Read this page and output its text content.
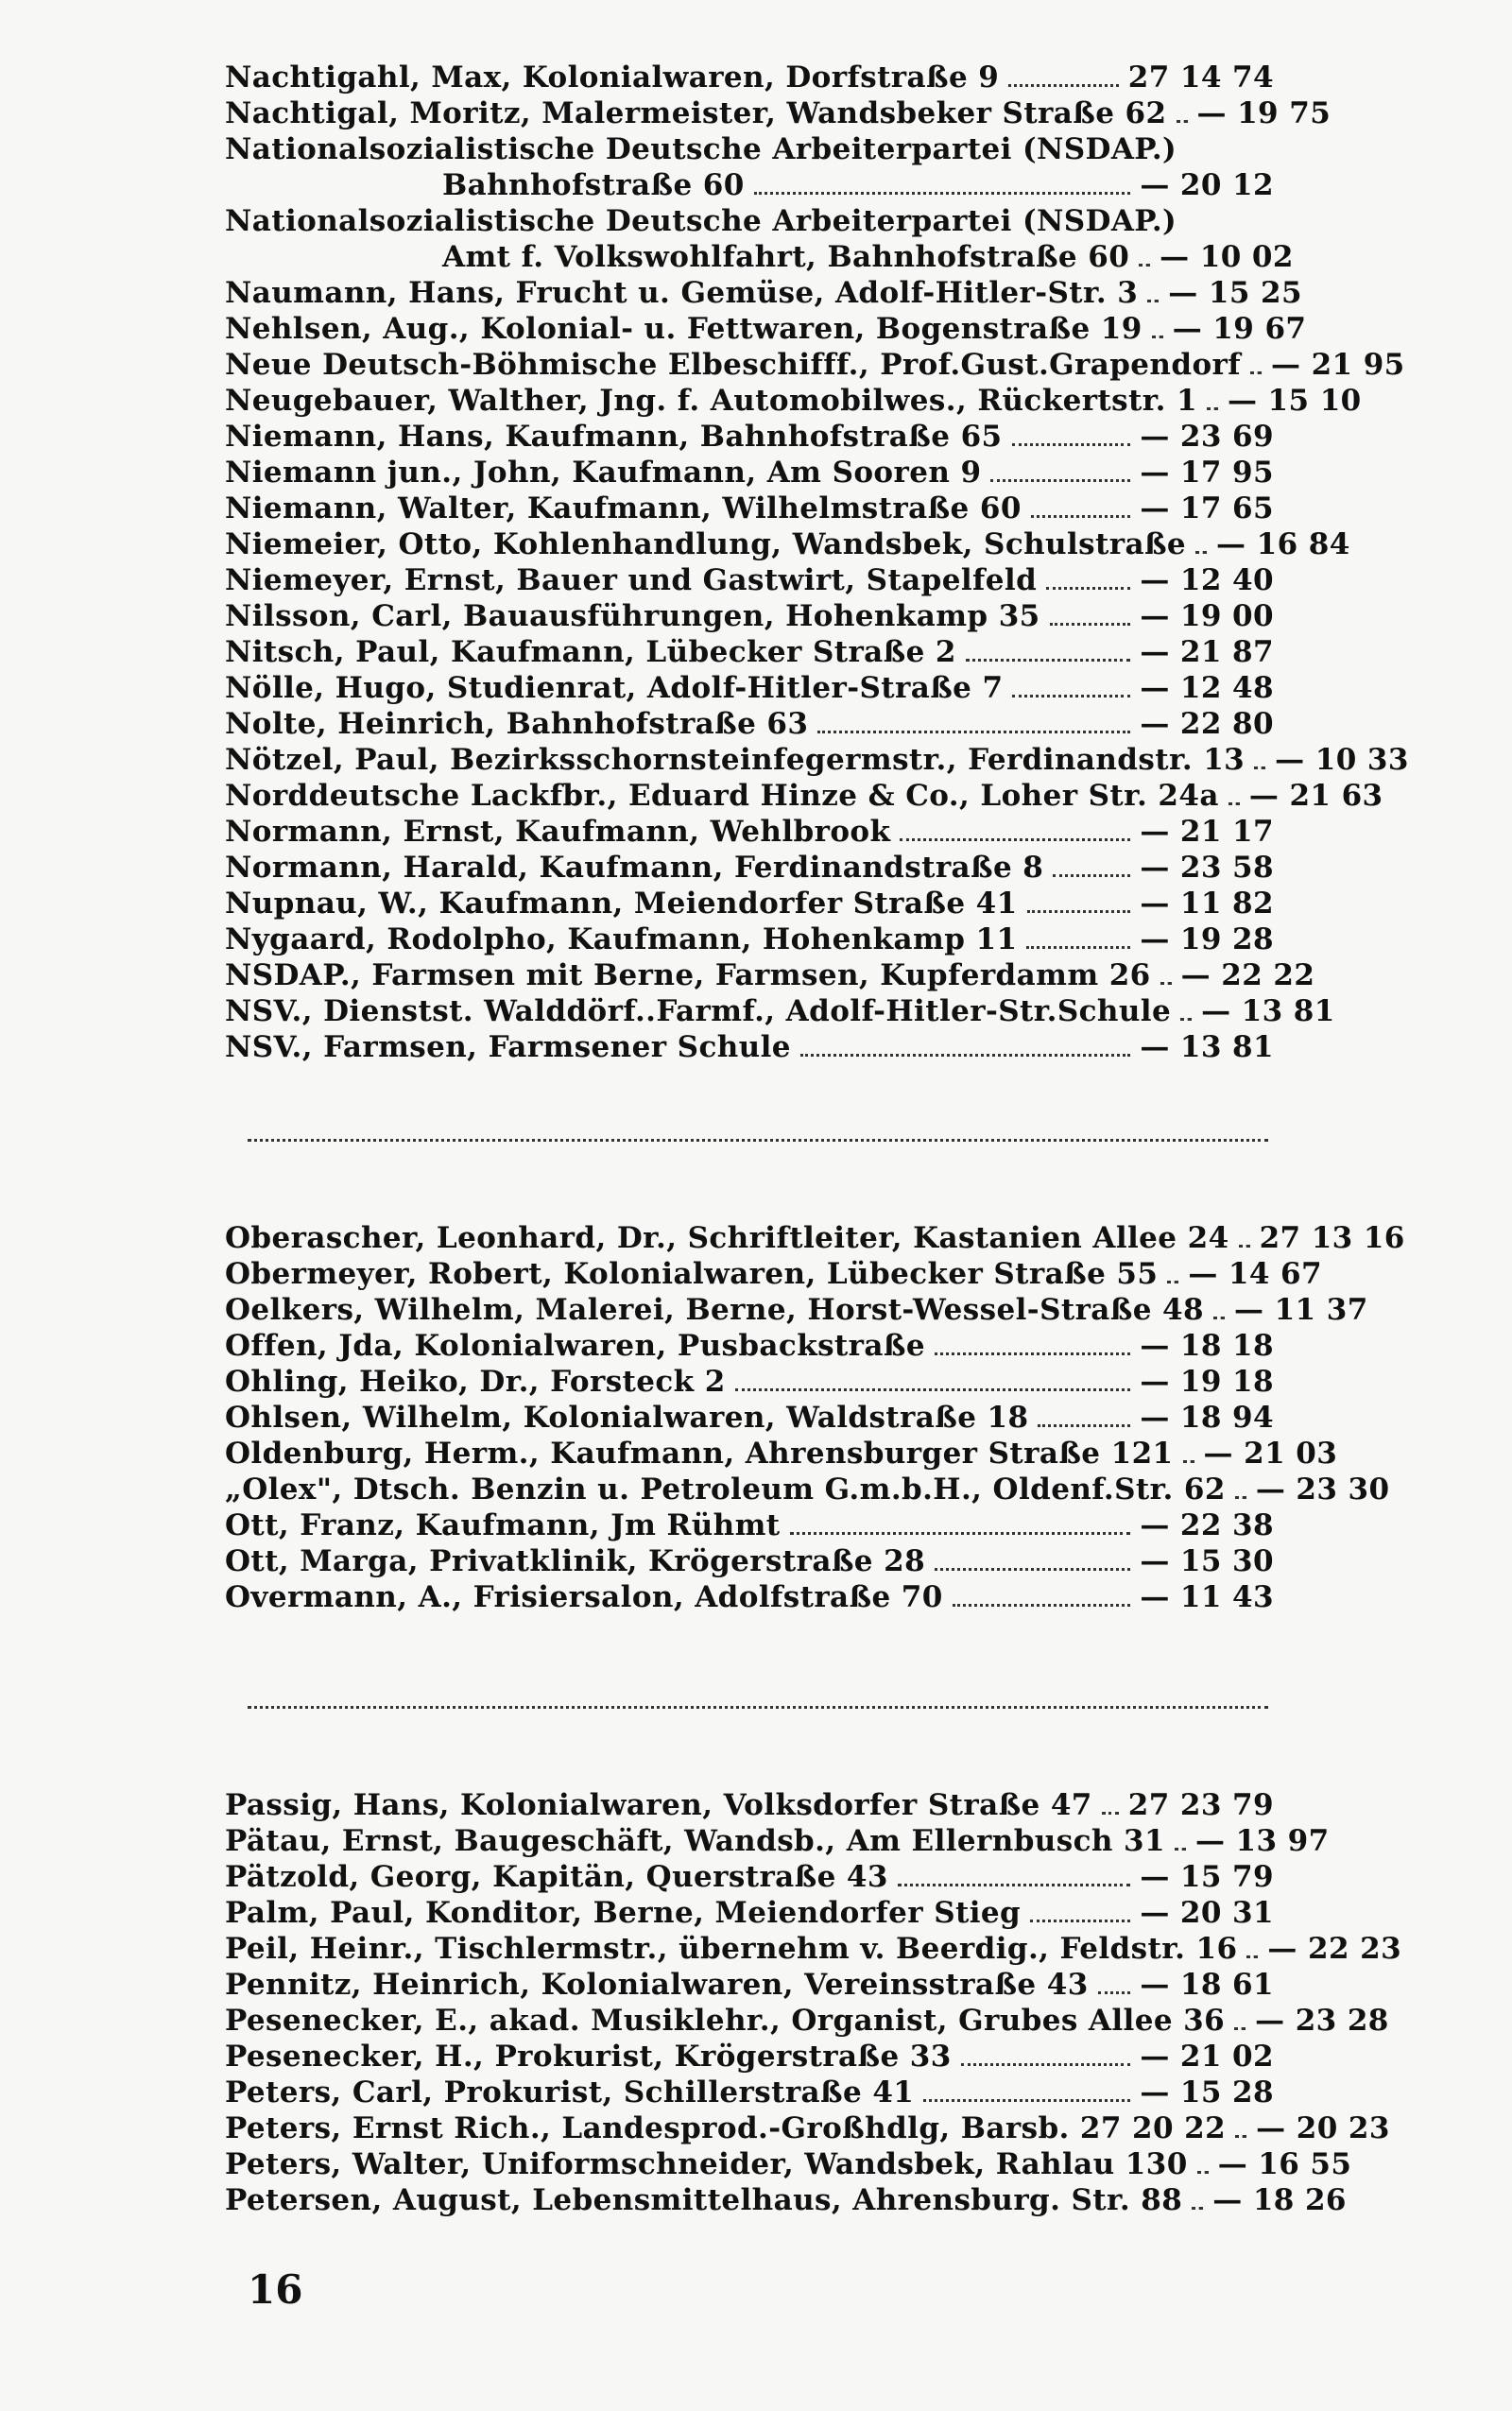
Nachtigahl, Max, Kolonialwaren, Dorfstraße 9	27 14 74
Nachtigal, Moritz, Malermeister, Wandsbeker Straße 62 — 19 75
Nationalsozialistische Deutsche Arbeiterpartei (NSDAP.)
Bahnhofstraße 60	— 20 12
Nationalsozialistische Deutsche Arbeiterpartei (NSDAP.)
Amt f. Volkswohlfahrt, Bahnhofstraße 60 — 10 02
Naumann, Hans, Frucht u. Gemüse, Adolf-Hitler-Str. 3 — 15 25
Nehlsen, Aug., Kolonial- u. Fettwaren, Bogenstraße 19 — 19 67
Neue Deutsch-Böhmische Elbeschifff., Prof.Gust.Grapendorf — 21 95
Neugebauer, Walther, Jng. f. Automobilwes., Rückertstr. 1 — 15 10
Niemann, Hans, Kaufmann, Bahnhofstraße 65	— 23 69
Niemann jun., John, Kaufmann, Am Sooren 9	— 17 95
Niemann, Walter, Kaufmann, Wilhelmstraße 60	— 17 65
Niemeier, Otto, Kohlenhandlung, Wandsbek, Schulstraße — 16 84
Niemeyer, Ernst, Bauer und Gastwirt, Stapelfeld	— 12 40
Nilsson, Carl, Bauausführungen, Hohenkamp 35	— 19 00
Nitsch, Paul, Kaufmann, Lübecker Straße 2	— 21 87
Nölle, Hugo, Studienrat, Adolf-Hitler-Straße 7	— 12 48
Nolte, Heinrich, Bahnhofstraße 63	— 22 80
Nötzel, Paul, Bezirksschornsteinfegermstr., Ferdinandstr. 13 — 10 33
Norddeutsche Lackfbr., Eduard Hinze & Co., Loher Str. 24a — 21 63
Normann, Ernst, Kaufmann, Wehlbrook	— 21 17
Normann, Harald, Kaufmann, Ferdinandstraße 8	— 23 58
Nupnau, W., Kaufmann, Meiendorfer Straße 41	— 11 82
Nygaard, Rodolpho, Kaufmann, Hohenkamp 11	— 19 28
NSDAP., Farmsen mit Berne, Farmsen, Kupferdamm 26 — 22 22
NSV., Dienstst. Walddörf..Farmf., Adolf-Hitler-Str.Schule — 13 81
NSV., Farmsen, Farmsener Schule	— 13 81
Oberascher, Leonhard, Dr., Schriftleiter, Kastanien Allee 24 27 13 16
Obermeyer, Robert, Kolonialwaren, Lübecker Straße 55 — 14 67
Oelkers, Wilhelm, Malerei, Berne, Horst-Wessel-Straße 48 — 11 37
Offen, Jda, Kolonialwaren, Pusbackstraße	— 18 18
Ohling, Heiko, Dr., Forsteck 2	— 19 18
Ohlsen, Wilhelm, Kolonialwaren, Waldstraße 18	— 18 94
Oldenburg, Herm., Kaufmann, Ahrensburger Straße 121 — 21 03
„Olex", Dtsch. Benzin u. Petroleum G.m.b.H., Oldenf.Str. 62 — 23 30
Ott, Franz, Kaufmann, Jm Rühmt	— 22 38
Ott, Marga, Privatklinik, Krögerstraße 28	— 15 30
Overmann, A., Frisiersalon, Adolfstraße 70	— 11 43
Passig, Hans, Kolonialwaren, Volksdorfer Straße 47 27 23 79
Pätau, Ernst, Baugeschäft, Wandsb., Am Ellernbusch 31 — 13 97
Pätzold, Georg, Kapitän, Querstraße 43	— 15 79
Palm, Paul, Konditor, Berne, Meiendorfer Stieg	— 20 31
Peil, Heinr., Tischlermstr., übernehm v. Beerdig., Feldstr. 16 — 22 23
Pennitz, Heinrich, Kolonialwaren, Vereinsstraße 43 — 18 61
Pesenecker, E., akad. Musiklehr., Organist, Grubes Allee 36 — 23 28
Pesenecker, H., Prokurist, Krögerstraße 33	— 21 02
Peters, Carl, Prokurist, Schillerstraße 41	— 15 28
Peters, Ernst Rich., Landesprod.-Großhdlg, Barsb. 27 20 22 — 20 23
Peters, Walter, Uniformschneider, Wandsbek, Rahlau 130 — 16 55
Petersen, August, Lebensmittelhaus, Ahrensburg. Str. 88 — 18 26
16
